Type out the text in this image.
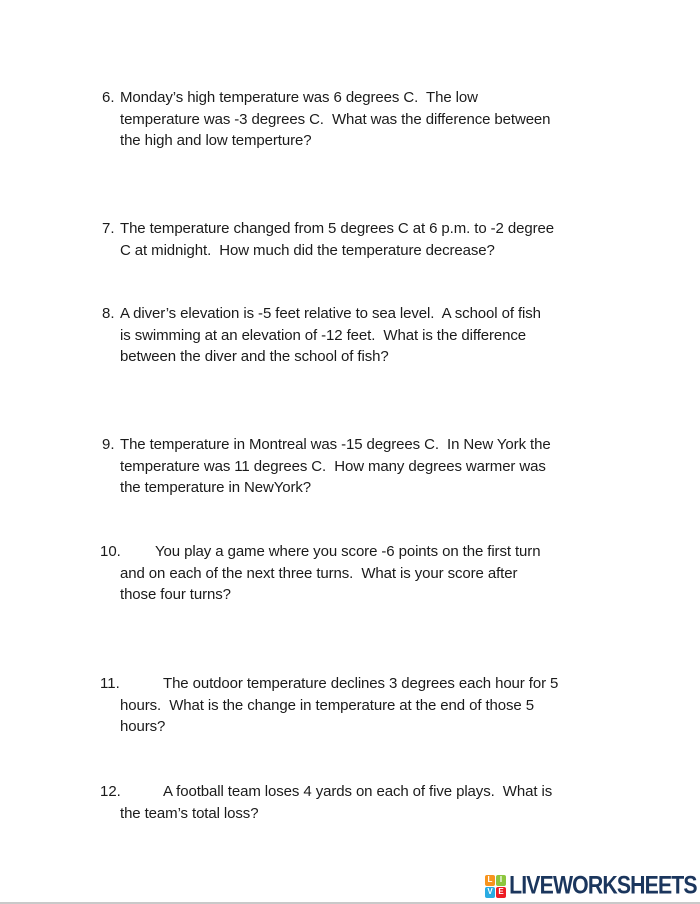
6. Monday’s high temperature was 6 degrees C.  The low
temperature was -3 degrees C.  What was the difference between
the high and low temperture?
7. The temperature changed from 5 degrees C at 6 p.m. to -2 degree
C at midnight.  How much did the temperature decrease?
8. A diver’s elevation is -5 feet relative to sea level.  A school of fish
is swimming at an elevation of -12 feet.  What is the difference
between the diver and the school of fish?
9. The temperature in Montreal was -15 degrees C.  In New York the
temperature was 11 degrees C.  How many degrees warmer was
the temperature in NewYork?
10.	You play a game where you score -6 points on the first turn
and on each of the next three turns.  What is your score after
those four turns?
11.	The outdoor temperature declines 3 degrees each hour for 5
hours.  What is the change in temperature at the end of those 5
hours?
12.	A football team loses 4 yards on each of five plays.  What is
the team’s total loss?
L I
V E LIVEWORKSHEETS
